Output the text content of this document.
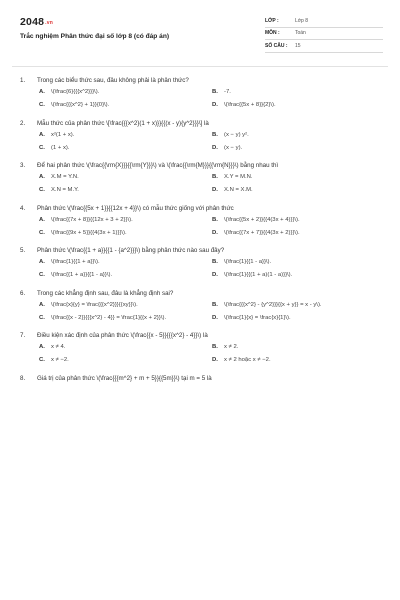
2048.vn
Trắc nghiệm Phân thức đại số lớp 8 (có đáp án)
LỚP :	Lớp 8
MÔN :	Toán
SỐ CÂU :	15
1.	Trong các biểu thức sau, đâu không phải là phân thức?
A.	\(\frac{6}{{{x^2}}}\).	B.	-7.
C.	\(\frac{{{x^2} + 1}}{0}\).	D.	\(\frac{{5x + 8}}{2}\).
2.	Mẫu thức của phân thức \[\frac{{{x^2}(1 + x)}}{{(x - y){y^2}}}\] là
A.	x²(1 + x).	B.	(x − y) y².
C.	(1 + x).	D.	(x − y).
3.	Để hai phân thức \(\frac{{\rm{X}}}{{\rm{Y}}}\) và \(\frac{{\rm{M}}}{{\rm{N}}}\) bằng nhau thì
A.	X.M = Y.N.	B.	X.Y = M.N.
C.	X.N = M.Y.	D.	X.N = X.M.
4.	Phân thức \(\frac{{5x + 1}}{{12x + 4}}\) có mẫu thức giống với phân thức
A.	\(\frac{{7x + 8}}{{12x + 3 + 2}}\).	B.	\(\frac{{5x + 2}}{{4(3x + 4)}}\).
C.	\(\frac{{9x + 5}}{{4(3x + 1)}}\).	D.	\(\frac{{7x + 7}}{{4(3x + 2)}}\).
5.	Phân thức \(\frac{{1 + a}}{{1 - {a^2}}}\) bằng phân thức nào sau đây?
A.	\(\frac{1}{{1 + a}}\).	B.	\(\frac{1}{{1 - a}}\).
C.	\(\frac{{1 + a}}{{1 - a}}\).	D.	\(\frac{1}{{(1 + a)(1 - a)}}\).
6.	Trong các khẳng định sau, đâu là khẳng định sai?
A.	\(\frac{x}{y} = \frac{{{x^2}}}{{xy}}\).	B.	\(\frac{{{x^2} - {y^2}}}{{x + y}} = x - y\).
C.	\(\frac{{x - 2}}{{{x^2} - 4}} = \frac{1}{{x + 2}}\).	D.	\(\frac{1}{x} = \frac{x}{1}\).
7.	Điều kiện xác định của phân thức \(\frac{{x - 5}}{{{x^2} - 4}}\) là
A.	x ≠ 4.	B.	x ≠ 2.
C.	x ≠ −2.	D.	x ≠ 2 hoặc x ≠ −2.
8.	Giá trị của phân thức \(\frac{{{m^2} + m + 5}}{{5m}}\) tại m = 5 là
